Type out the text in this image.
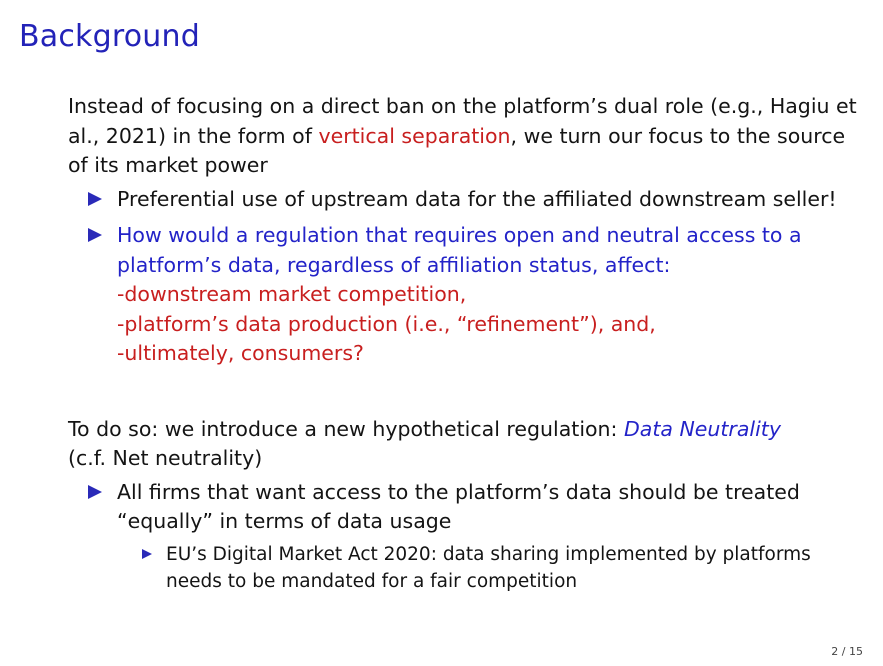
Background

Instead of focusing on a direct ban on the platform’s dual role (e.g., Hagiu et al., 2021) in the form of vertical separation, we turn our focus to the source of its market power

Preferential use of upstream data for the affiliated downstream seller!
How would a regulation that requires open and neutral access to a platform’s data, regardless of affiliation status, affect:
-downstream market competition,
-platform’s data production (i.e., “refinement”), and,
-ultimately, consumers?

To do so: we introduce a new hypothetical regulation: Data Neutrality
(c.f. Net neutrality)

All firms that want access to the platform’s data should be treated “equally” in terms of data usage
EU’s Digital Market Act 2020: data sharing implemented by platforms needs to be mandated for a fair competition
2 / 15
